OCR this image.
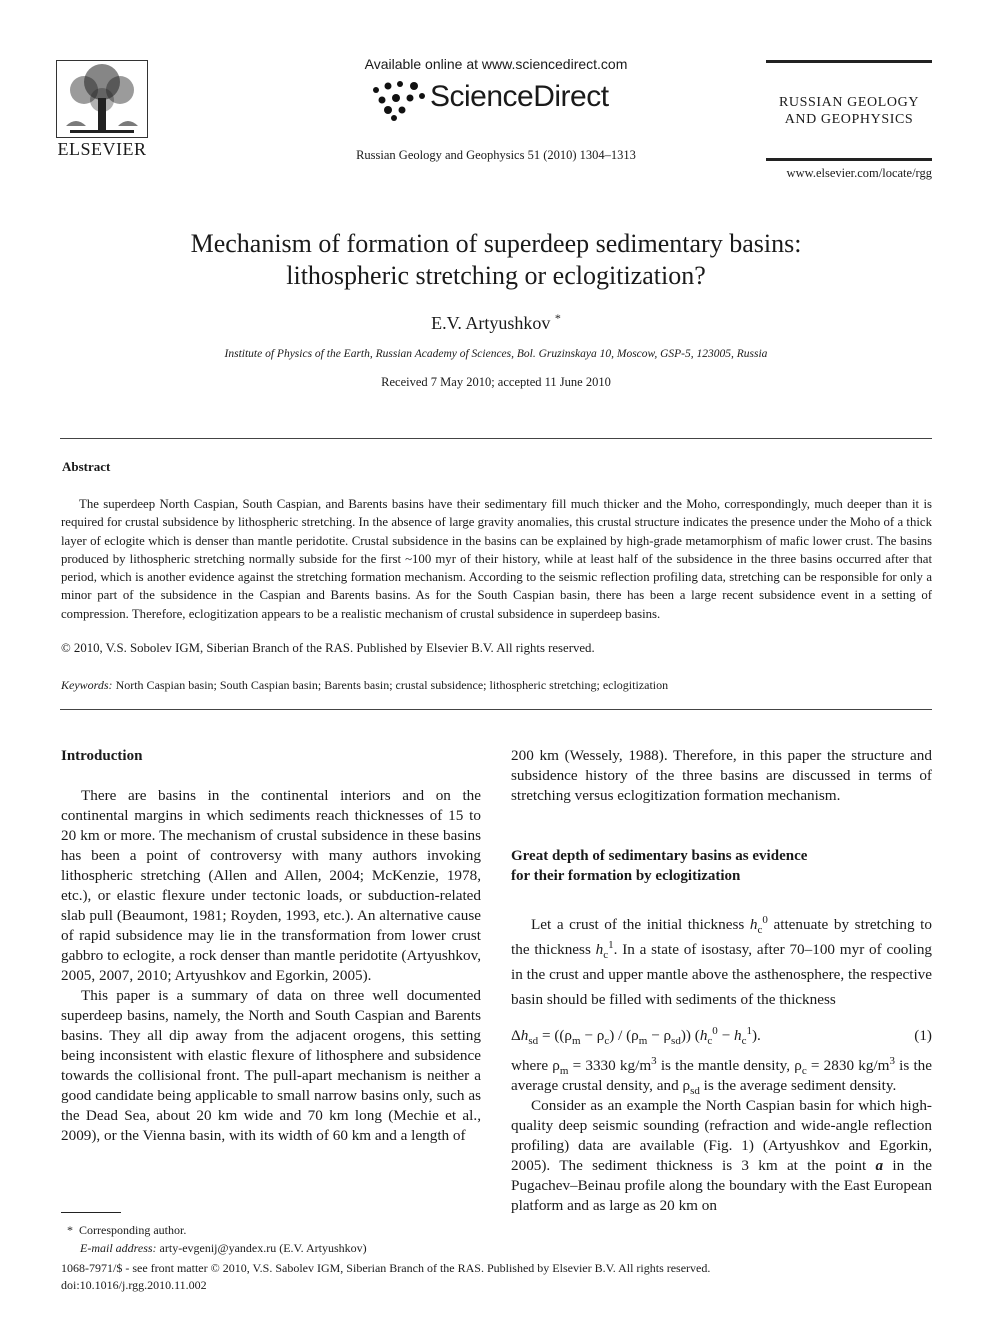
ELSEVIER
Available online at www.sciencedirect.com
ScienceDirect
Russian Geology and Geophysics 51 (2010) 1304–1313
RUSSIAN GEOLOGY
AND GEOPHYSICS
www.elsevier.com/locate/rgg
Mechanism of formation of superdeep sedimentary basins:
lithospheric stretching or eclogitization?
E.V. Artyushkov *
Institute of Physics of the Earth, Russian Academy of Sciences, Bol. Gruzinskaya 10, Moscow, GSP-5, 123005, Russia
Received 7 May 2010; accepted 11 June 2010
Abstract
The superdeep North Caspian, South Caspian, and Barents basins have their sedimentary fill much thicker and the Moho, correspondingly, much deeper than it is required for crustal subsidence by lithospheric stretching. In the absence of large gravity anomalies, this crustal structure indicates the presence under the Moho of a thick layer of eclogite which is denser than mantle peridotite. Crustal subsidence in the basins can be explained by high-grade metamorphism of mafic lower crust. The basins produced by lithospheric stretching normally subside for the first ~100 myr of their history, while at least half of the subsidence in the three basins occurred after that period, which is another evidence against the stretching formation mechanism. According to the seismic reflection profiling data, stretching can be responsible for only a minor part of the subsidence in the Caspian and Barents basins. As for the South Caspian basin, there has been a large recent subsidence event in a setting of compression. Therefore, eclogitization appears to be a realistic mechanism of crustal subsidence in superdeep basins.
© 2010, V.S. Sobolev IGM, Siberian Branch of the RAS. Published by Elsevier B.V. All rights reserved.
Keywords: North Caspian basin; South Caspian basin; Barents basin; crustal subsidence; lithospheric stretching; eclogitization
Introduction

There are basins in the continental interiors and on the continental margins in which sediments reach thicknesses of 15 to 20 km or more. The mechanism of crustal subsidence in these basins has been a point of controversy with many authors invoking lithospheric stretching (Allen and Allen, 2004; McKenzie, 1978, etc.), or elastic flexure under tectonic loads, or subduction-related slab pull (Beaumont, 1981; Royden, 1993, etc.). An alternative cause of rapid subsidence may lie in the transformation from lower crust gabbro to eclogite, a rock denser than mantle peridotite (Artyushkov, 2005, 2007, 2010; Artyushkov and Egorkin, 2005).

This paper is a summary of data on three well documented superdeep basins, namely, the North and South Caspian and Barents basins. They all dip away from the adjacent orogens, this setting being inconsistent with elastic flexure of lithosphere and subsidence towards the collisional front. The pull-apart mechanism is neither a good candidate being applicable to small narrow basins only, such as the Dead Sea, about 20 km wide and 70 km long (Mechie et al., 2009), or the Vienna basin, with its width of 60 km and a length of

200 km (Wessely, 1988). Therefore, in this paper the structure and subsidence history of the three basins are discussed in terms of stretching versus eclogitization formation mechanism.

Great depth of sedimentary basins as evidence
for their formation by eclogitization

Let a crust of the initial thickness $h_c^0$ attenuate by stretching to the thickness $h_c^1$. In a state of isostasy, after 70–100 myr of cooling in the crust and upper mantle above the asthenosphere, the respective basin should be filled with sediments of the thickness

$\Delta h_{sd} = ((\rho_m - \rho_c) / (\rho_m - \rho_{sd})) (h_c^0 - h_c^1)$.	(1)

where $\rho_m = 3330$ $kg/m^3$ is the mantle density, $\rho_c = 2830$ $kg/m^3$ is the average crustal density, and $\rho_{sd}$ is the average sediment density.

Consider as an example the North Caspian basin for which high-quality deep seismic sounding (refraction and wide-angle reflection profiling) data are available (Fig. 1) (Artyushkov and Egorkin, 2005). The sediment thickness is 3 km at the point a in the Pugachev–Beinau profile along the boundary with the East European platform and as large as 20 km on

* Corresponding author.
E-mail address: arty-evgenij@yandex.ru (E.V. Artyushkov)
1068-7971/$ - see front matter © 2010, V.S. Sabolev IGM, Siberian Branch of the RAS. Published by Elsevier B.V. All rights reserved.
doi:10.1016/j.rgg.2010.11.002
